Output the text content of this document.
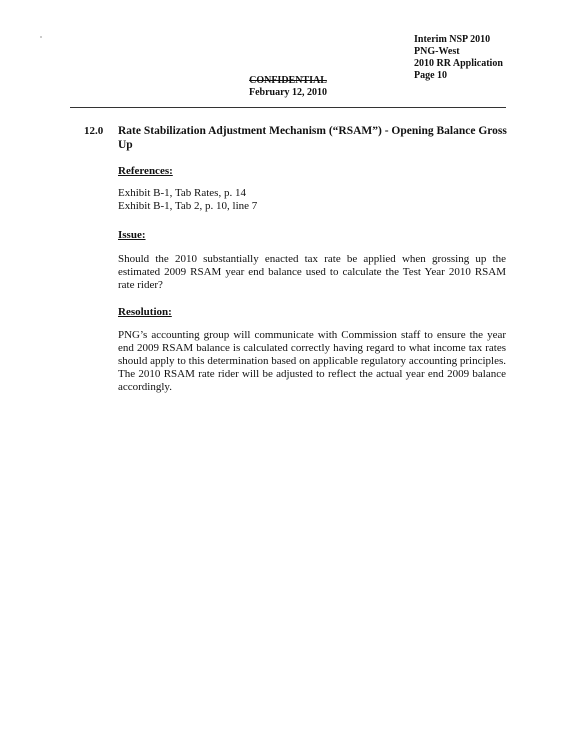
Interim NSP 2010
PNG-West
2010 RR Application
Page 10
CONFIDENTIAL
February 12, 2010
12.0 Rate Stabilization Adjustment Mechanism (“RSAM”) - Opening Balance Gross Up
References:
Exhibit B-1, Tab Rates, p. 14
Exhibit B-1, Tab 2, p. 10, line 7
Issue:
Should the 2010 substantially enacted tax rate be applied when grossing up the estimated 2009 RSAM year end balance used to calculate the Test Year 2010 RSAM rate rider?
Resolution:
PNG’s accounting group will communicate with Commission staff to ensure the year end 2009 RSAM balance is calculated correctly having regard to what income tax rates should apply to this determination based on applicable regulatory accounting principles. The 2010 RSAM rate rider will be adjusted to reflect the actual year end 2009 balance accordingly.
